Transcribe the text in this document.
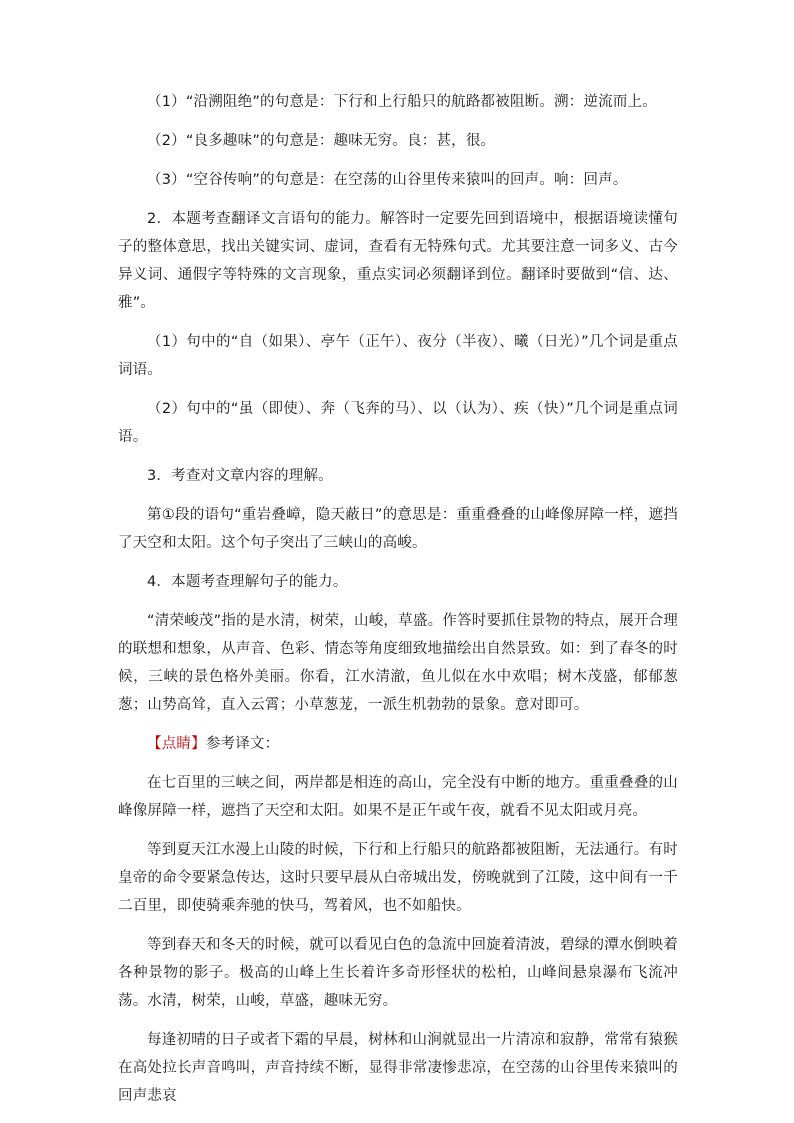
（1）“沿溯阻绝”的句意是：下行和上行船只的航路都被阻断。溯：逆流而上。

（2）“良多趣味”的句意是：趣味无穷。良：甚，很。

（3）“空谷传响”的句意是：在空荡的山谷里传来猿叫的回声。响：回声。

2．本题考查翻译文言语句的能力。解答时一定要先回到语境中，根据语境读懂句子的整体意思，找出关键实词、虚词，查看有无特殊句式。尤其要注意一词多义、古今异义词、通假字等特殊的文言现象，重点实词必须翻译到位。翻译时要做到“信、达、雅”。

（1）句中的“自（如果）、亭午（正午）、夜分（半夜）、曦（日光）”几个词是重点词语。

（2）句中的“虽（即使）、奔（飞奔的马）、以（认为）、疾（快）”几个词是重点词语。

3．考查对文章内容的理解。

第①段的语句“重岩叠嶂，隐天蔽日”的意思是：重重叠叠的山峰像屏障一样，遮挡了天空和太阳。这个句子突出了三峡山的高峻。

4．本题考查理解句子的能力。

“清荣峻茂”指的是水清，树荣，山峻，草盛。作答时要抓住景物的特点，展开合理的联想和想象，从声音、色彩、情态等角度细致地描绘出自然景致。如：到了春冬的时候，三峡的景色格外美丽。你看，江水清澈，鱼儿似在水中欢唱；树木茂盛，郁郁葱葱；山势高耸，直入云霄；小草葱茏，一派生机勃勃的景象。意对即可。

【点睛】参考译文：

在七百里的三峡之间，两岸都是相连的高山，完全没有中断的地方。重重叠叠的山峰像屏障一样，遮挡了天空和太阳。如果不是正午或午夜，就看不见太阳或月亮。

等到夏天江水漫上山陵的时候，下行和上行船只的航路都被阻断，无法通行。有时皇帝的命令要紧急传达，这时只要早晨从白帝城出发，傍晚就到了江陵，这中间有一千二百里，即使骑乘奔驰的快马，驾着风，也不如船快。

等到春天和冬天的时候，就可以看见白色的急流中回旋着清波，碧绿的潭水倒映着各种景物的影子。极高的山峰上生长着许多奇形怪状的松柏，山峰间悬泉瀑布飞流冲荡。水清，树荣，山峻，草盛，趣味无穷。

每逢初晴的日子或者下霜的早晨，树林和山涧就显出一片清凉和寂静，常常有猿猴在高处拉长声音鸣叫，声音持续不断，显得非常凄惨悲凉，在空荡的山谷里传来猿叫的回声悲哀
